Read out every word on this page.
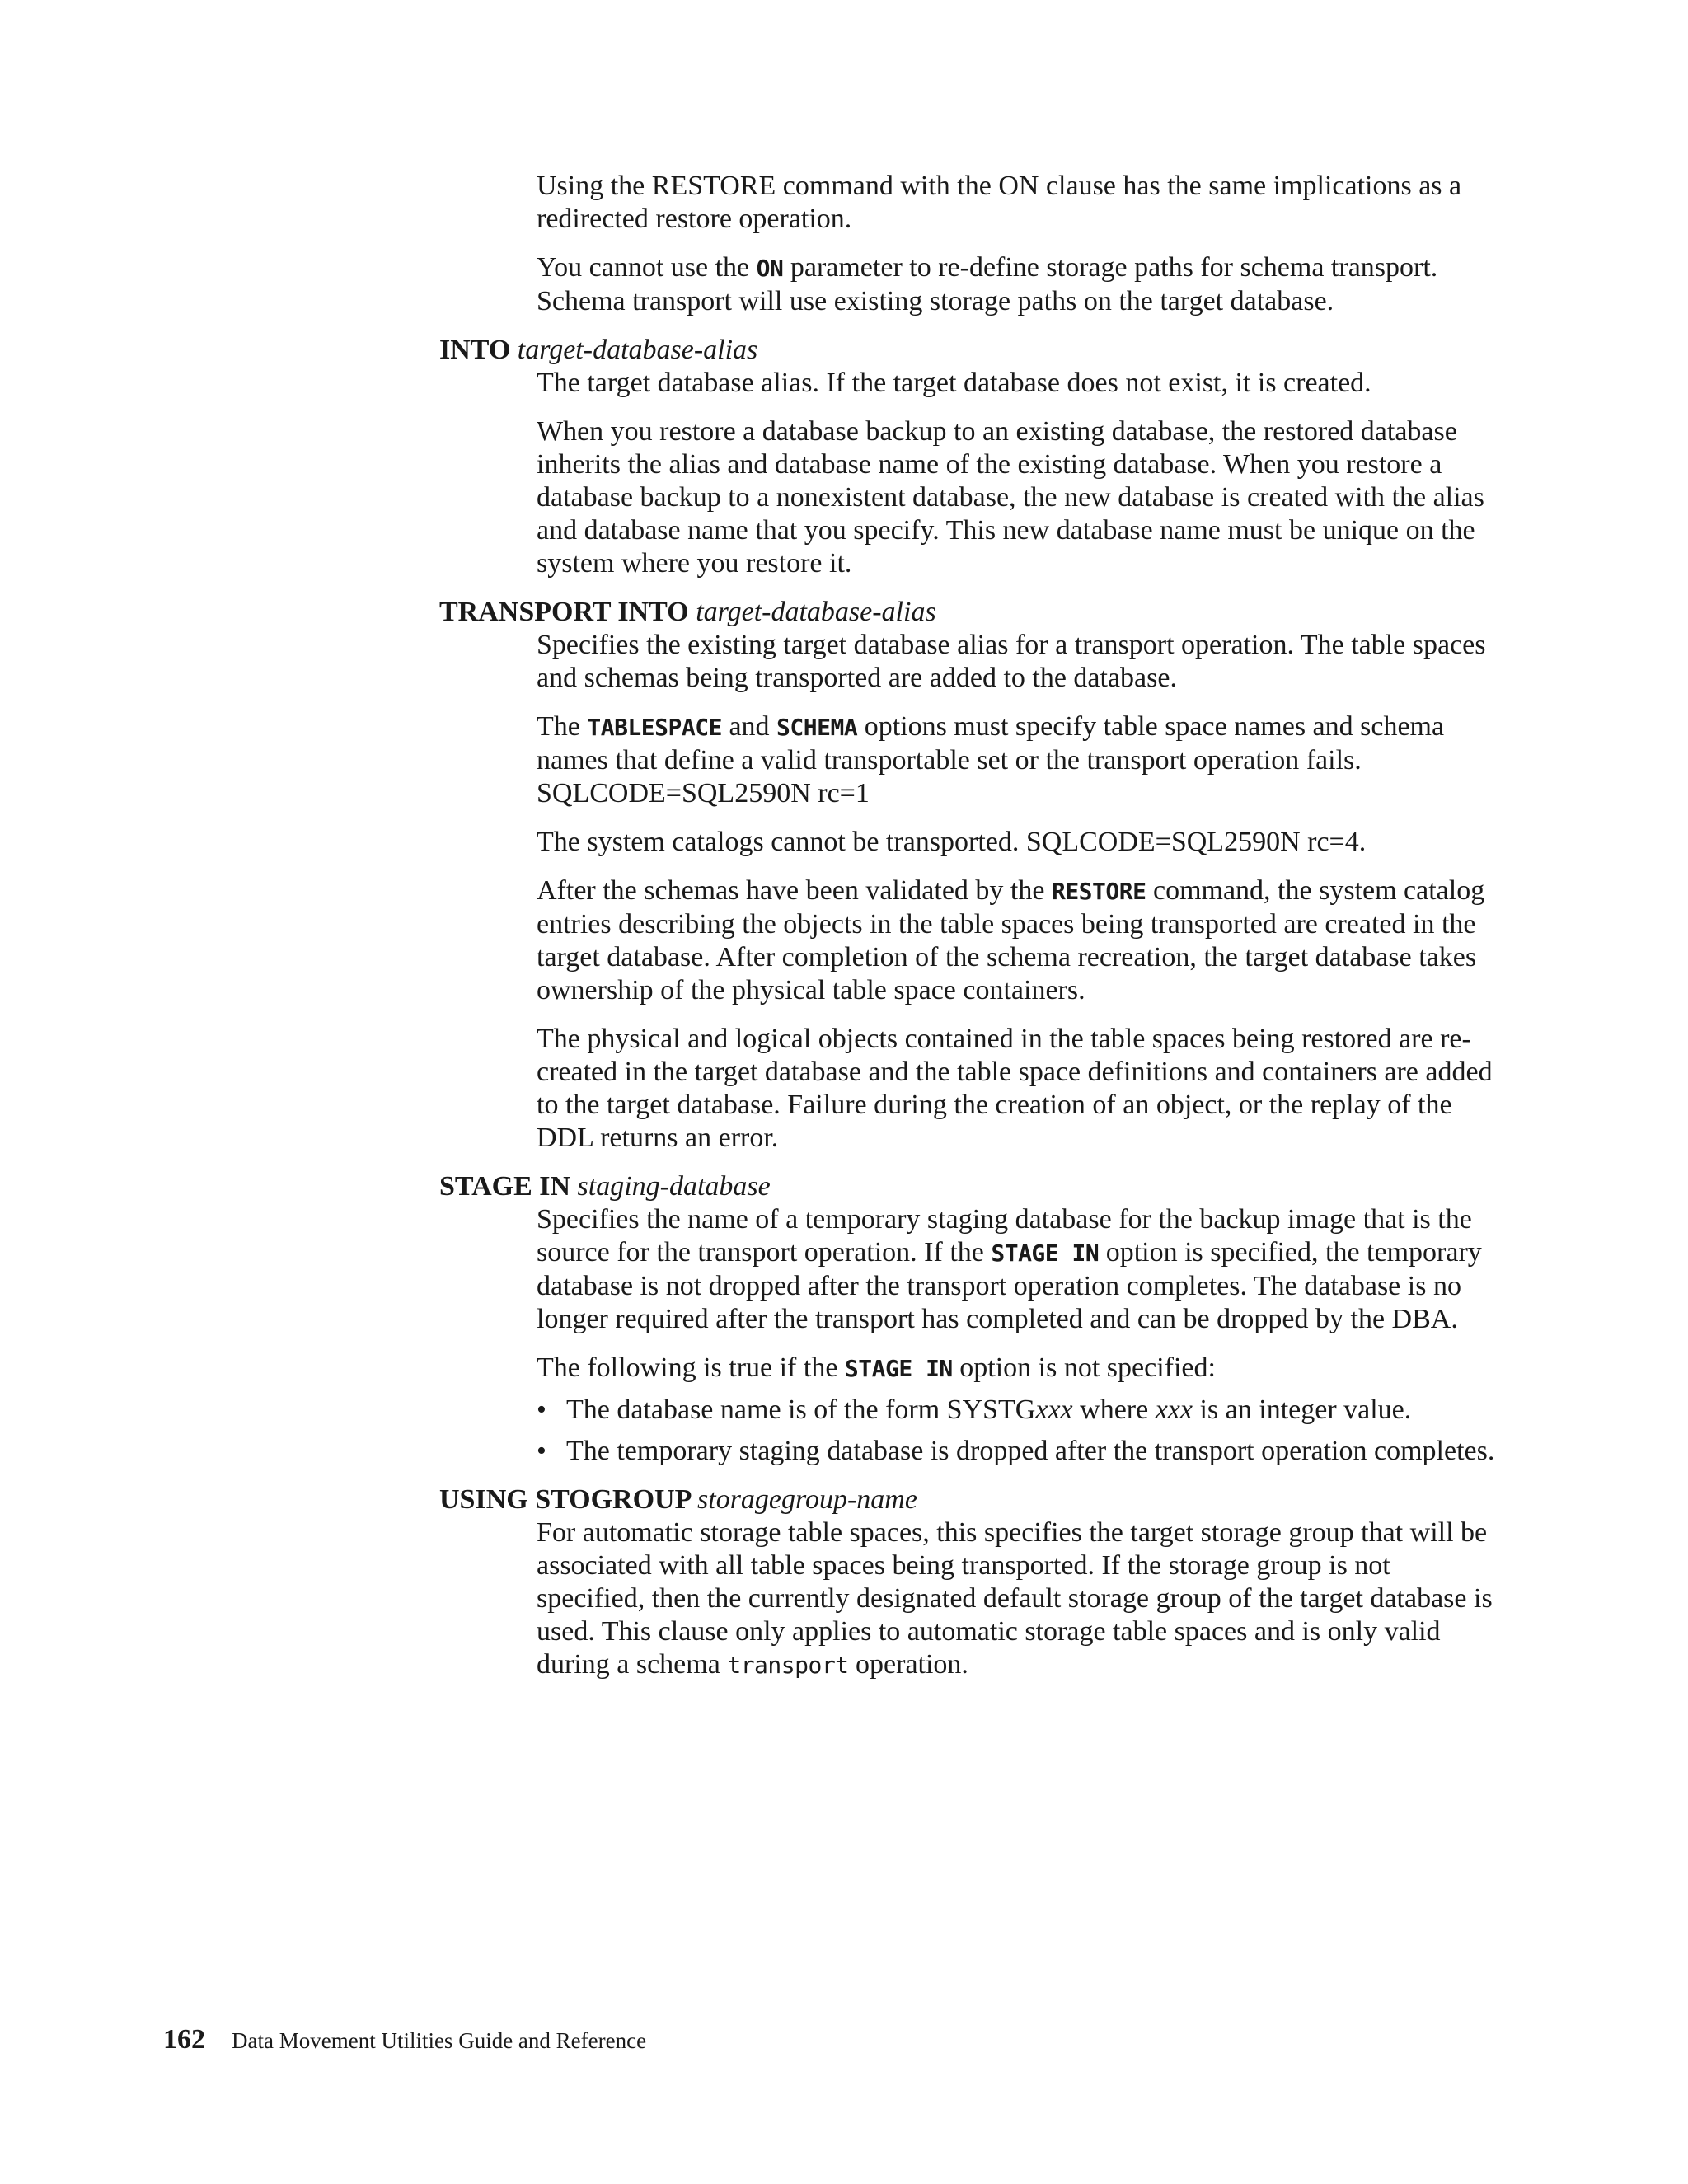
Using the RESTORE command with the ON clause has the same implications as a redirected restore operation.

You cannot use the ON parameter to re-define storage paths for schema transport. Schema transport will use existing storage paths on the target database.

INTO target-database-alias

The target database alias. If the target database does not exist, it is created.

When you restore a database backup to an existing database, the restored database inherits the alias and database name of the existing database. When you restore a database backup to a nonexistent database, the new database is created with the alias and database name that you specify. This new database name must be unique on the system where you restore it.

TRANSPORT INTO target-database-alias

Specifies the existing target database alias for a transport operation. The table spaces and schemas being transported are added to the database.

The TABLESPACE and SCHEMA options must specify table space names and schema names that define a valid transportable set or the transport operation fails. SQLCODE=SQL2590N rc=1

The system catalogs cannot be transported. SQLCODE=SQL2590N rc=4.

After the schemas have been validated by the RESTORE command, the system catalog entries describing the objects in the table spaces being transported are created in the target database. After completion of the schema recreation, the target database takes ownership of the physical table space containers.

The physical and logical objects contained in the table spaces being restored are re-created in the target database and the table space definitions and containers are added to the target database. Failure during the creation of an object, or the replay of the DDL returns an error.

STAGE IN staging-database

Specifies the name of a temporary staging database for the backup image that is the source for the transport operation. If the STAGE IN option is specified, the temporary database is not dropped after the transport operation completes. The database is no longer required after the transport has completed and can be dropped by the DBA.

The following is true if the STAGE IN option is not specified:

• The database name is of the form SYSTGxxx where xxx is an integer value.
• The temporary staging database is dropped after the transport operation completes.

USING STOGROUP storagegroup-name

For automatic storage table spaces, this specifies the target storage group that will be associated with all table spaces being transported. If the storage group is not specified, then the currently designated default storage group of the target database is used. This clause only applies to automatic storage table spaces and is only valid during a schema transport operation.

162 Data Movement Utilities Guide and Reference
